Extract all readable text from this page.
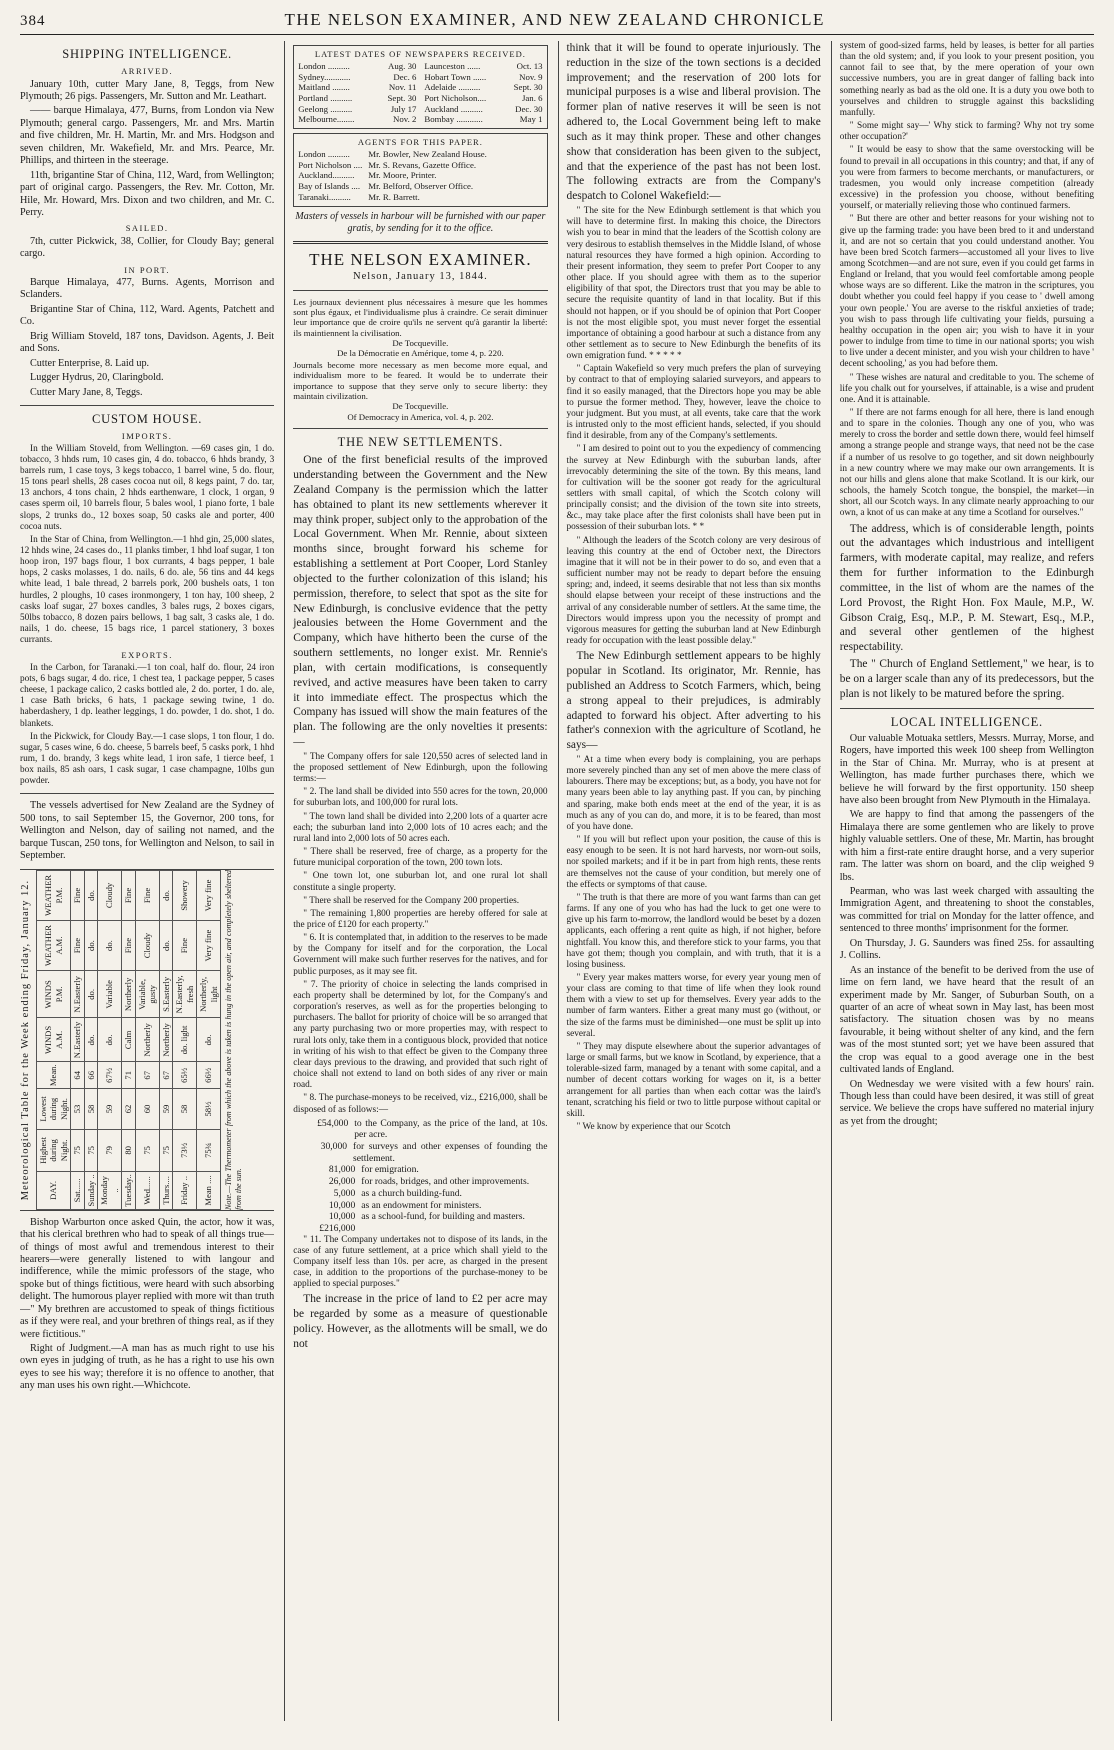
384	THE NELSON EXAMINER, AND NEW ZEALAND CHRONICLE
SHIPPING INTELLIGENCE.
ARRIVED.

January 10th, cutter Mary Jane, 8, Teggs, from New Plymouth; 26 pigs. Passengers, Mr. Sutton and Mr. Leathart.

—— barque Himalaya, 477, Burns, from London via New Plymouth; general cargo. Passengers, Mr. and Mrs. Martin and five children, Mr. H. Martin, Mr. and Mrs. Hodgson and seven children, Mr. Wakefield, Mr. and Mrs. Pearce, Mr. Phillips, and thirteen in the steerage.

11th, brigantine Star of China, 112, Ward, from Wellington; part of original cargo. Passengers, the Rev. Mr. Cotton, Mr. Hile, Mr. Howard, Mrs. Dixon and two children, and Mr. C. Perry.

SAILED.

7th, cutter Pickwick, 38, Collier, for Cloudy Bay; general cargo.

IN PORT.

Barque Himalaya, 477, Burns. Agents, Morrison and Sclanders.

Brigantine Star of China, 112, Ward. Agents, Patchett and Co.

Brig William Stoveld, 187 tons, Davidson. Agents, J. Beit and Sons.

Cutter Enterprise, 8. Laid up.

Lugger Hydrus, 20, Claringbold.

Cutter Mary Jane, 8, Teggs.

CUSTOM HOUSE.
IMPORTS.

In the William Stoveld, from Wellington. —69 cases gin, 1 do. tobacco, 3 hhds rum, 10 cases gin, 4 do. tobacco, 6 hhds brandy, 3 barrels rum, 1 case toys, 3 kegs tobacco, 1 barrel wine, 5 do. flour, 15 tons pearl shells, 28 cases cocoa nut oil, 8 kegs paint, 7 do. tar, 13 anchors, 4 tons chain, 2 hhds earthenware, 1 clock, 1 organ, 9 cases sperm oil, 10 barrels flour, 5 bales wool, 1 piano forte, 1 bale slops, 2 trunks do., 12 boxes soap, 50 casks ale and porter, 400 cocoa nuts.

In the Star of China, from Wellington.—1 hhd gin, 25,000 slates, 12 hhds wine, 24 cases do., 11 planks timber, 1 hhd loaf sugar, 1 ton hoop iron, 197 bags flour, 1 box currants, 4 bags pepper, 1 bale hops, 2 casks molasses, 1 do. nails, 6 do. ale, 56 tins and 44 kegs white lead, 1 bale thread, 2 barrels pork, 200 bushels oats, 1 ton hurdles, 2 ploughs, 10 cases ironmongery, 1 ton hay, 100 sheep, 2 casks loaf sugar, 27 boxes candles, 3 bales rugs, 2 boxes cigars, 50lbs tobacco, 8 dozen pairs bellows, 1 bag salt, 3 casks ale, 1 do. nails, 1 do. cheese, 15 bags rice, 1 parcel stationery, 3 boxes currants.

EXPORTS.

In the Carbon, for Taranaki.—1 ton coal, half do. flour, 24 iron pots, 6 bags sugar, 4 do. rice, 1 chest tea, 1 package pepper, 5 cases cheese, 1 package calico, 2 casks bottled ale, 2 do. porter, 1 do. ale, 1 case Bath bricks, 6 hats, 1 package sewing twine, 1 do. haberdashery, 1 dp. leather leggings, 1 do. powder, 1 do. shot, 1 do. blankets.

In the Pickwick, for Cloudy Bay.—1 case slops, 1 ton flour, 1 do. sugar, 5 cases wine, 6 do. cheese, 5 barrels beef, 5 casks pork, 1 hhd rum, 1 do. brandy, 3 kegs white lead, 1 iron safe, 1 tierce beef, 1 box nails, 85 ash oars, 1 cask sugar, 1 case champagne, 10lbs gun powder.

The vessels advertised for New Zealand are the Sydney of 500 tons, to sail September 15, the Governor, 200 tons, for Wellington and Nelson, day of sailing not named, and the barque Tuscan, 250 tons, for Wellington and Nelson, to sail in September.

Meteorological Table for the Week ending Friday, January 12. DAY.	Highest during Night.	Lowest during Night.	Mean.	WINDS A.M.	WINDS P.M.	WEATHER A.M.	WEATHER P.M.
Sat......	75	53	64	N.Easterly	N.Easterly	Fine	Fine
Sunday ..	75	58	66	do.	do.	do.	do.
Monday ..	79	59	67½	do.	Variable	do.	Cloudy
Tuesday..	80	62	71	Calm	Northerly	Fine	Fine
Wed......	75	60	67	Northerly	Variable, gusty	Cloudy	Fine
Thurs....	75	59	67	Northerly	S.Easterly	do.	do.
Friday ..	73½	58	65½	do. light	N.Easterly, fresh	Fine	Showery
Mean ....	75¾	58½	66½	do.	Northerly, light	Very fine	Very fine Note.—The Thermometer from which the above is taken is hung in the open air, and completely sheltered from the sun.

Bishop Warburton once asked Quin, the actor, how it was, that his clerical brethren who had to speak of all things true—of things of most awful and tremendous interest to their hearers—were generally listened to with langour and indifference, while the mimic professors of the stage, who spoke but of things fictitious, were heard with such absorbing delight. The humorous player replied with more wit than truth—" My brethren are accustomed to speak of things fictitious as if they were real, and your brethren of things real, as if they were fictitious."

Right of Judgment.—A man has as much right to use his own eyes in judging of truth, as he has a right to use his own eyes to see his way; therefore it is no offence to another, that any man uses his own right.—Whichcote.

LATEST DATES OF NEWSPAPERS RECEIVED.
London ..........	Aug. 30 Launceston ......	Oct. 13
Sydney............	Dec. 6 Hobart Town ......	Nov. 9
Maitland ........	Nov. 11 Adelaide ..........	Sept. 30
Portland ..........	Sept. 30 Port Nicholson....	Jan. 6
Geelong ..........	July 17 Auckland ..........	Dec. 30
Melbourne........	Nov. 2 Bombay ............	May 1
AGENTS FOR THIS PAPER.
London ..........	Mr. Bowler, New Zealand House.
Port Nicholson .... Mr. S. Revans, Gazette Office.
Auckland..........	Mr. Moore, Printer.
Bay of Islands .... Mr. Belford, Observer Office.
Taranaki..........	Mr. R. Barrett.
Masters of vessels in harbour will be furnished with our paper gratis, by sending for it to the office.
THE NELSON EXAMINER.
Nelson, January 13, 1844.
Les journaux deviennent plus nécessaires à mesure que les hommes sont plus égaux, et l'individualisme plus à craindre. Ce serait diminuer leur importance que de croire qu'ils ne servent qu'à garantir la liberté: ils maintiennent la civilisation.
De Tocqueville.
De la Démocratie en Amérique, tome 4, p. 220.
Journals become more necessary as men become more equal, and individualism more to be feared. It would be to underrate their importance to suppose that they serve only to secure liberty: they maintain civilization.
De Tocqueville.
Of Democracy in America, vol. 4, p. 202.
THE NEW SETTLEMENTS.

One of the first beneficial results of the improved understanding between the Government and the New Zealand Company is the permission which the latter has obtained to plant its new settlements wherever it may think proper, subject only to the approbation of the Local Government. When Mr. Rennie, about sixteen months since, brought forward his scheme for establishing a settlement at Port Cooper, Lord Stanley objected to the further colonization of this island; his permission, therefore, to select that spot as the site for New Edinburgh, is conclusive evidence that the petty jealousies between the Home Government and the Company, which have hitherto been the curse of the southern settlements, no longer exist. Mr. Rennie's plan, with certain modifications, is consequently revived, and active measures have been taken to carry it into immediate effect. The prospectus which the Company has issued will show the main features of the plan. The following are the only novelties it presents:—

" The Company offers for sale 120,550 acres of selected land in the proposed settlement of New Edinburgh, upon the following terms:—

" 2. The land shall be divided into 550 acres for the town, 20,000 for suburban lots, and 100,000 for rural lots.

" The town land shall be divided into 2,200 lots of a quarter acre each; the suburban land into 2,000 lots of 10 acres each; and the rural land into 2,000 lots of 50 acres each.

" There shall be reserved, free of charge, as a property for the future municipal corporation of the town, 200 town lots.

" One town lot, one suburban lot, and one rural lot shall constitute a single property.

" There shall be reserved for the Company 200 properties.

" The remaining 1,800 properties are hereby offered for sale at the price of £120 for each property."

" 6. It is contemplated that, in addition to the reserves to be made by the Company for itself and for the corporation, the Local Government will make such further reserves for the natives, and for public purposes, as it may see fit.

" 7. The priority of choice in selecting the lands comprised in each property shall be determined by lot, for the Company's and corporation's reserves, as well as for the properties belonging to purchasers. The ballot for priority of choice will be so arranged that any party purchasing two or more properties may, with respect to rural lots only, take them in a contiguous block, provided that notice in writing of his wish to that effect be given to the Company three clear days previous to the drawing, and provided that such right of choice shall not extend to land on both sides of any river or main road.

" 8. The purchase-moneys to be received, viz., £216,000, shall be disposed of as follows:—

£54,000 to the Company, as the price of the land, at 10s. per acre.
30,000 for surveys and other expenses of founding the settlement.
81,000 for emigration.
26,000 for roads, bridges, and other improvements.
5,000 as a church building-fund.
10,000 as an endowment for ministers.
10,000 as a school-fund, for building and masters.
£216,000

" 11. The Company undertakes not to dispose of its lands, in the case of any future settlement, at a price which shall yield to the Company itself less than 10s. per acre, as charged in the present case, in addition to the proportions of the purchase-money to be applied to special purposes."

The increase in the price of land to £2 per acre may be regarded by some as a measure of questionable policy. However, as the allotments will be small, we do not

think that it will be found to operate injuriously. The reduction in the size of the town sections is a decided improvement; and the reservation of 200 lots for municipal purposes is a wise and liberal provision. The former plan of native reserves it will be seen is not adhered to, the Local Government being left to make such as it may think proper. These and other changes show that consideration has been given to the subject, and that the experience of the past has not been lost. The following extracts are from the Company's despatch to Colonel Wakefield:—

" The site for the New Edinburgh settlement is that which you will have to determine first. In making this choice, the Directors wish you to bear in mind that the leaders of the Scottish colony are very desirous to establish themselves in the Middle Island, of whose natural resources they have formed a high opinion. According to their present information, they seem to prefer Port Cooper to any other place. If you should agree with them as to the superior eligibility of that spot, the Directors trust that you may be able to secure the requisite quantity of land in that locality. But if this should not happen, or if you should be of opinion that Port Cooper is not the most eligible spot, you must never forget the essential importance of obtaining a good harbour at such a distance from any other settlement as to secure to New Edinburgh the benefits of its own emigration fund. * * * * *

" Captain Wakefield so very much prefers the plan of surveying by contract to that of employing salaried surveyors, and appears to find it so easily managed, that the Directors hope you may be able to pursue the former method. They, however, leave the choice to your judgment. But you must, at all events, take care that the work is intrusted only to the most efficient hands, selected, if you should find it desirable, from any of the Company's settlements.

" I am desired to point out to you the expediency of commencing the survey at New Edinburgh with the suburban lands, after irrevocably determining the site of the town. By this means, land for cultivation will be the sooner got ready for the agricultural settlers with small capital, of which the Scotch colony will principally consist; and the division of the town site into streets, &c., may take place after the first colonists shall have been put in possession of their suburban lots. * *

" Although the leaders of the Scotch colony are very desirous of leaving this country at the end of October next, the Directors imagine that it will not be in their power to do so, and even that a sufficient number may not be ready to depart before the ensuing spring; and, indeed, it seems desirable that not less than six months should elapse between your receipt of these instructions and the arrival of any considerable number of settlers. At the same time, the Directors would impress upon you the necessity of prompt and vigorous measures for getting the suburban land at New Edinburgh ready for occupation with the least possible delay."

The New Edinburgh settlement appears to be highly popular in Scotland. Its originator, Mr. Rennie, has published an Address to Scotch Farmers, which, being a strong appeal to their prejudices, is admirably adapted to forward his object. After adverting to his father's connexion with the agriculture of Scotland, he says—

" At a time when every body is complaining, you are perhaps more severely pinched than any set of men above the mere class of labourers. There may be exceptions; but, as a body, you have not for many years been able to lay anything past. If you can, by pinching and sparing, make both ends meet at the end of the year, it is as much as any of you can do, and more, it is to be feared, than most of you have done.

" If you will but reflect upon your position, the cause of this is easy enough to be seen. It is not hard harvests, nor worn-out soils, nor spoiled markets; and if it be in part from high rents, these rents are themselves not the cause of your condition, but merely one of the effects or symptoms of that cause.

" The truth is that there are more of you want farms than can get farms. If any one of you who has had the luck to get one were to give up his farm to-morrow, the landlord would be beset by a dozen applicants, each offering a rent quite as high, if not higher, before nightfall. You know this, and therefore stick to your farms, you that have got them; though you complain, and with truth, that it is a losing business.

" Every year makes matters worse, for every year young men of your class are coming to that time of life when they look round them with a view to set up for themselves. Every year adds to the number of farm wanters. Either a great many must go (without, or the size of the farms must be diminished—one must be split up into several.

" They may dispute elsewhere about the superior advantages of large or small farms, but we know in Scotland, by experience, that a tolerable-sized farm, managed by a tenant with some capital, and a number of decent cottars working for wages on it, is a better arrangement for all parties than when each cottar was the laird's tenant, scratching his field or two to little purpose without capital or skill.

" We know by experience that our Scotch

system of good-sized farms, held by leases, is better for all parties than the old system; and, if you look to your present position, you cannot fail to see that, by the mere operation of your own successive numbers, you are in great danger of falling back into something nearly as bad as the old one. It is a duty you owe both to yourselves and children to struggle against this backsliding manfully.

" Some might say—' Why stick to farming? Why not try some other occupation?'

" It would be easy to show that the same overstocking will be found to prevail in all occupations in this country; and that, if any of you were from farmers to become merchants, or manufacturers, or tradesmen, you would only increase competition (already excessive) in the profession you choose, without benefiting yourself, or materially relieving those who continued farmers.

" But there are other and better reasons for your wishing not to give up the farming trade: you have been bred to it and understand it, and are not so certain that you could understand another. You have been bred Scotch farmers—accustomed all your lives to live among Scotchmen—and are not sure, even if you could get farms in England or Ireland, that you would feel comfortable among people whose ways are so different. Like the matron in the scriptures, you doubt whether you could feel happy if you cease to ' dwell among your own people.' You are averse to the riskful anxieties of trade; you wish to pass through life cultivating your fields, pursuing a healthy occupation in the open air; you wish to have it in your power to indulge from time to time in our national sports; you wish to live under a decent minister, and you wish your children to have ' decent schooling,' as you had before them.

" These wishes are natural and creditable to you. The scheme of life you chalk out for yourselves, if attainable, is a wise and prudent one. And it is attainable.

" If there are not farms enough for all here, there is land enough and to spare in the colonies. Though any one of you, who was merely to cross the border and settle down there, would feel himself among a strange people and strange ways, that need not be the case if a number of us resolve to go together, and sit down neighbourly in a new country where we may make our own arrangements. It is not our hills and glens alone that make Scotland. It is our kirk, our schools, the hamely Scotch tongue, the bonspiel, the market—in short, all our Scotch ways. In any climate nearly approaching to our own, a knot of us can make at any time a Scotland for ourselves."

The address, which is of considerable length, points out the advantages which industrious and intelligent farmers, with moderate capital, may realize, and refers them for further information to the Edinburgh committee, in the list of whom are the names of the Lord Provost, the Right Hon. Fox Maule, M.P., W. Gibson Craig, Esq., M.P., P. M. Stewart, Esq., M.P., and several other gentlemen of the highest respectability.

The " Church of England Settlement," we hear, is to be on a larger scale than any of its predecessors, but the plan is not likely to be matured before the spring.

LOCAL INTELLIGENCE.

Our valuable Motuaka settlers, Messrs. Murray, Morse, and Rogers, have imported this week 100 sheep from Wellington in the Star of China. Mr. Murray, who is at present at Wellington, has made further purchases there, which we believe he will forward by the first opportunity. 150 sheep have also been brought from New Plymouth in the Himalaya.

We are happy to find that among the passengers of the Himalaya there are some gentlemen who are likely to prove highly valuable settlers. One of these, Mr. Martin, has brought with him a first-rate entire draught horse, and a very superior ram. The latter was shorn on board, and the clip weighed 9 lbs.

Pearman, who was last week charged with assaulting the Immigration Agent, and threatening to shoot the constables, was committed for trial on Monday for the latter offence, and sentenced to three months' imprisonment for the former.

On Thursday, J. G. Saunders was fined 25s. for assaulting J. Collins.

As an instance of the benefit to be derived from the use of lime on fern land, we have heard that the result of an experiment made by Mr. Sanger, of Suburban South, on a quarter of an acre of wheat sown in May last, has been most satisfactory. The situation chosen was by no means favourable, it being without shelter of any kind, and the fern was of the most stunted sort; yet we have been assured that the crop was equal to a good average one in the best cultivated lands of England.

On Wednesday we were visited with a few hours' rain. Though less than could have been desired, it was still of great service. We believe the crops have suffered no material injury as yet from the drought;
